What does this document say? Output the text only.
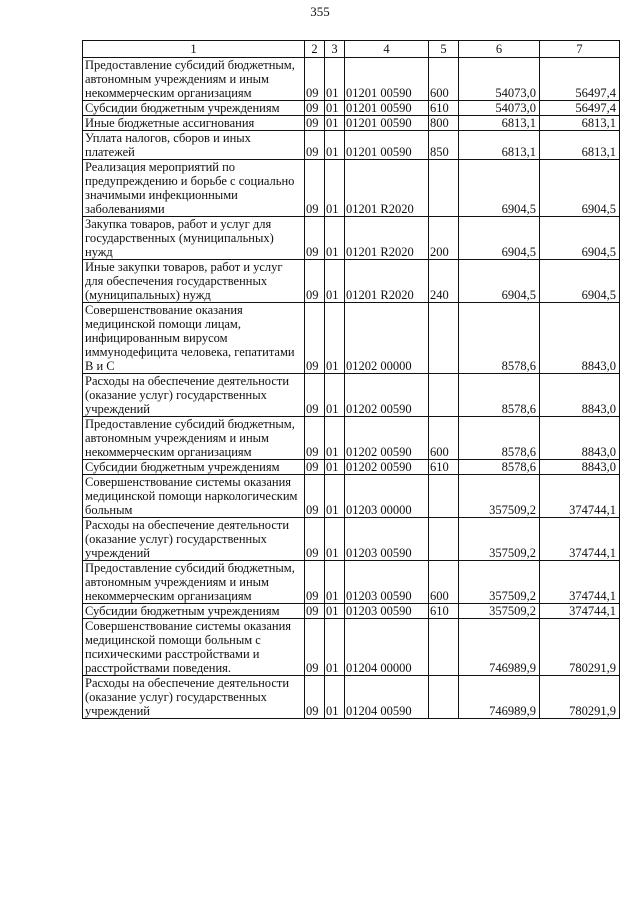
355
1	2	3	4	5	6	7
Предоставление субсидий бюджетным, автономным учреждениям и иным некоммерческим организациям	09	01	01201 00590	600	54073,0	56497,4
Субсидии бюджетным учреждениям	09	01	01201 00590	610	54073,0	56497,4
Иные бюджетные ассигнования	09	01	01201 00590	800	6813,1	6813,1
Уплата налогов, сборов и иных платежей	09	01	01201 00590	850	6813,1	6813,1
Реализация мероприятий по предупреждению и борьбе с социально значимыми инфекционными заболеваниями	09	01	01201 R2020		6904,5	6904,5
Закупка товаров, работ и услуг для государственных (муниципальных) нужд	09	01	01201 R2020	200	6904,5	6904,5
Иные закупки товаров, работ и услуг для обеспечения государственных (муниципальных) нужд	09	01	01201 R2020	240	6904,5	6904,5
Совершенствование оказания медицинской помощи лицам, инфицированным вирусом иммунодефицита человека, гепатитами В и С	09	01	01202 00000		8578,6	8843,0
Расходы на обеспечение деятельности (оказание услуг) государственных учреждений	09	01	01202 00590		8578,6	8843,0
Предоставление субсидий бюджетным, автономным учреждениям и иным некоммерческим организациям	09	01	01202 00590	600	8578,6	8843,0
Субсидии бюджетным учреждениям	09	01	01202 00590	610	8578,6	8843,0
Совершенствование системы оказания медицинской помощи наркологическим больным	09	01	01203 00000		357509,2	374744,1
Расходы на обеспечение деятельности (оказание услуг) государственных учреждений	09	01	01203 00590		357509,2	374744,1
Предоставление субсидий бюджетным, автономным учреждениям и иным некоммерческим организациям	09	01	01203 00590	600	357509,2	374744,1
Субсидии бюджетным учреждениям	09	01	01203 00590	610	357509,2	374744,1
Совершенствование системы оказания медицинской помощи больным с психическими расстройствами и расстройствами поведения.	09	01	01204 00000		746989,9	780291,9
Расходы на обеспечение деятельности (оказание услуг) государственных учреждений	09	01	01204 00590		746989,9	780291,9
